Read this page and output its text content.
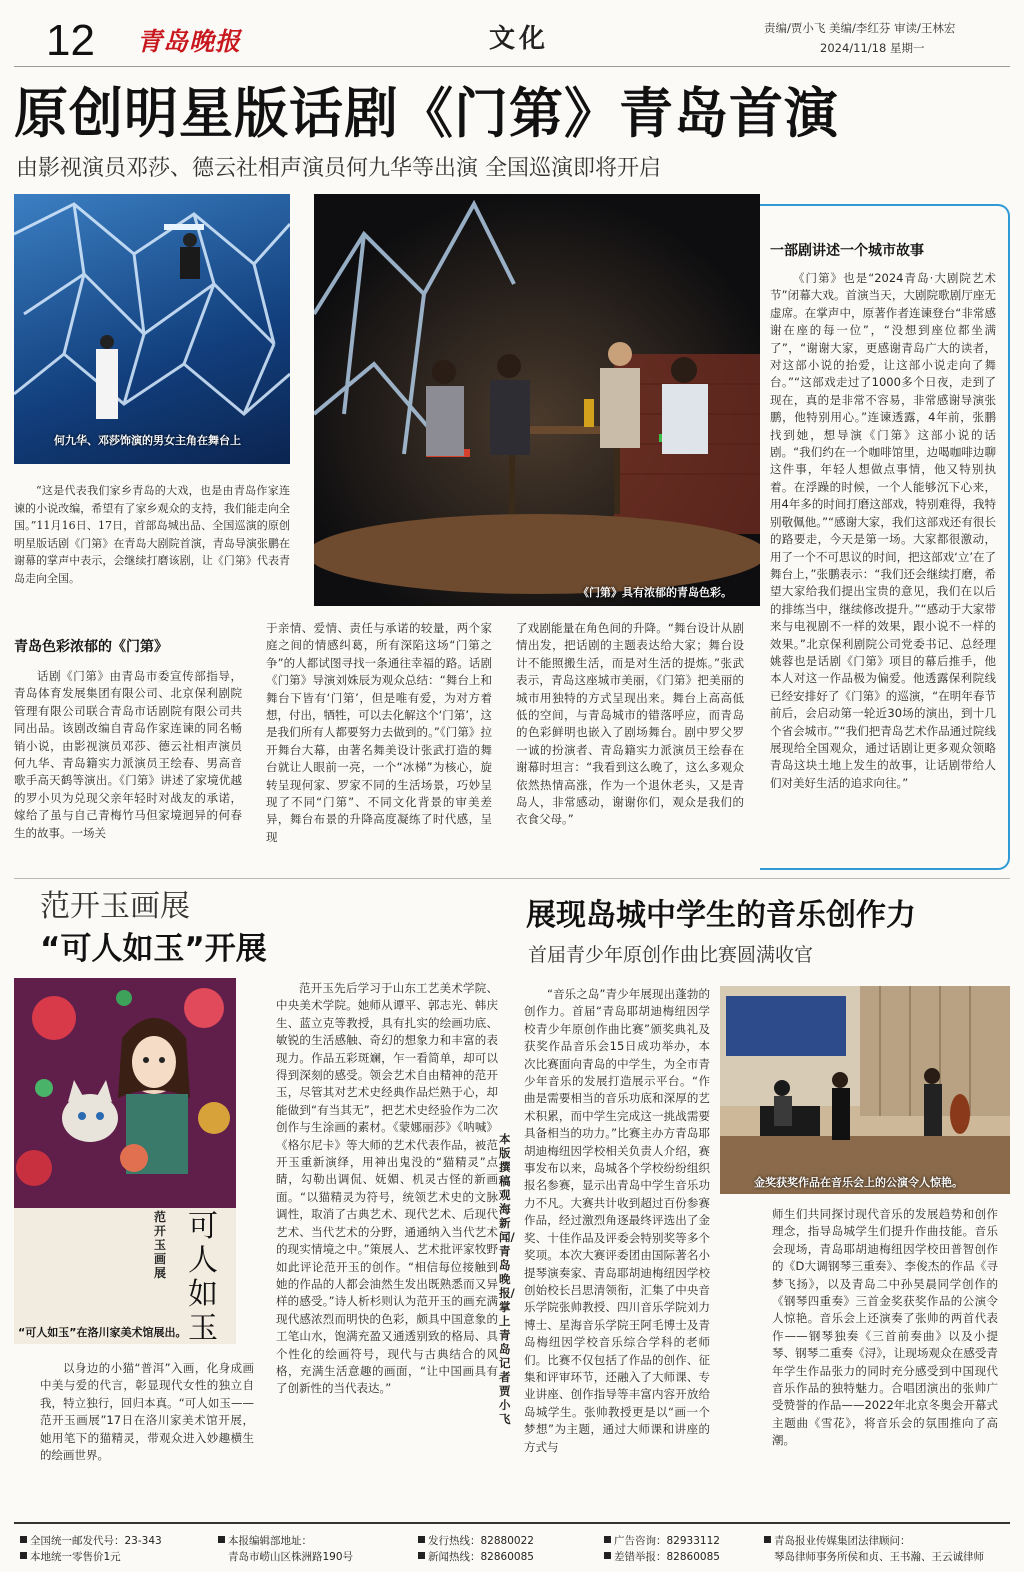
12 青岛晚报	文化	责编/贾小飞 美编/李红芬 审读/王林宏
2024/11/18 星期一
原创明星版话剧《门第》青岛首演
由影视演员邓莎、德云社相声演员何九华等出演 全国巡演即将开启
何九华、邓莎饰演的男女主角在舞台上
《门第》具有浓郁的青岛色彩。

“这是代表我们家乡青岛的大戏，也是由青岛作家连谏的小说改编，希望有了家乡观众的支持，我们能走向全国。”11月16日、17日，首部岛城出品、全国巡演的原创明星版话剧《门第》在青岛大剧院首演，青岛导演张鹏在谢幕的掌声中表示，会继续打磨该剧，让《门第》代表青岛走向全国。

青岛色彩浓郁的《门第》

话剧《门第》由青岛市委宣传部指导，青岛体育发展集团有限公司、北京保利剧院管理有限公司联合青岛市话剧院有限公司共同出品。该剧改编自青岛作家连谏的同名畅销小说，由影视演员邓莎、德云社相声演员何九华、青岛籍实力派演员王绘春、男高音歌手高天鹤等演出。《门第》讲述了家境优越的罗小贝为兑现父亲年轻时对战友的承诺，嫁给了虽与自己青梅竹马但家境迥异的何春生的故事。一场关

于亲情、爱情、责任与承诺的较量，两个家庭之间的情感纠葛，所有深陷这场“门第之争”的人都试图寻找一条通往幸福的路。话剧《门第》导演刘姝辰为观众总结：“舞台上和舞台下皆有‘门第’，但是唯有爱，为对方着想，付出，牺牲，可以去化解这个‘门第’，这是我们所有人都要努力去做到的。”《门第》拉开舞台大幕，由著名舞美设计张武打造的舞台就让人眼前一亮，一个“冰梯”为核心，旋转呈现何家、罗家不同的生活场景，巧妙呈现了不同“门第”、不同文化背景的审美差异，舞台布景的升降高度凝练了时代感，呈现

了戏剧能量在角色间的升降。“舞台设计从剧情出发，把话剧的主题表达给大家；舞台设计不能照搬生活，而是对生活的提炼。”张武表示，青岛这座城市美丽，《门第》把美丽的城市用独特的方式呈现出来。舞台上高高低低的空间，与青岛城市的错落呼应，而青岛的色彩鲜明也嵌入了剧场舞台。剧中罗父罗一诚的扮演者、青岛籍实力派演员王绘春在谢幕时坦言：“我看到这么晚了，这么多观众依然热情高涨，作为一个退休老头，又是青岛人，非常感动，谢谢你们，观众是我们的衣食父母。”

一部剧讲述一个城市故事

《门第》也是“2024青岛·大剧院艺术节”闭幕大戏。首演当天，大剧院歌剧厅座无虚席。在掌声中，原著作者连谏登台“非常感谢在座的每一位”，“没想到座位都坐满了”，“谢谢大家，更感谢青岛广大的读者，对这部小说的抬爱，让这部小说走向了舞台。”“这部戏走过了1000多个日夜，走到了现在，真的是非常不容易，非常感谢导演张鹏，他特别用心。”连谏透露，4年前，张鹏找到她，想导演《门第》这部小说的话剧。“我们约在一个咖啡馆里，边喝咖啡边聊这件事，年轻人想做点事情，他又特别执着。在浮躁的时候，一个人能够沉下心来，用4年多的时间打磨这部戏，特别难得，我特别敬佩他。”“感谢大家，我们这部戏还有很长的路要走，今天是第一场。大家都很激动，用了一个不可思议的时间，把这部戏‘立’在了舞台上，”张鹏表示：“我们还会继续打磨，希望大家给我们提出宝贵的意见，我们在以后的排练当中，继续修改提升。”“感动于大家带来与电视剧不一样的效果，跟小说不一样的效果。”北京保利剧院公司党委书记、总经理姚蓉也是话剧《门第》项目的幕后推手，他本人对这一作品极为偏爱。他透露保利院线已经安排好了《门第》的巡演，“在明年春节前后，会启动第一轮近30场的演出，到十几个省会城市。”“我们把青岛艺术作品通过院线展现给全国观众，通过话剧让更多观众领略青岛这块土地上发生的故事，让话剧带给人们对美好生活的追求向往。”

范开玉画展
“可人如玉”开展
范开玉画展
可人如玉
“可人如玉”在洛川家美术馆展出。

以身边的小猫“普洱”入画，化身成画中美与爱的代言，彰显现代女性的独立自我，特立独行，回归本真。“可人如玉——范开玉画展”17日在洛川家美术馆开展，她用笔下的猫精灵，带观众进入妙趣横生的绘画世界。

范开玉先后学习于山东工艺美术学院、中央美术学院。她师从谭平、郭志光、韩庆生、蓝立克等教授，具有扎实的绘画功底、敏锐的生活感触、奇幻的想象力和丰富的表现力。作品五彩斑斓，乍一看简单，却可以得到深刻的感受。领会艺术自由精神的范开玉，尽管其对艺术史经典作品烂熟于心，却能做到“有当其无”，把艺术史经验作为二次创作与生涂画的素材。《蒙娜丽莎》《呐喊》《格尔尼卡》等大师的艺术代表作品，被范开玉重新演绎，用神出鬼没的“猫精灵”点睛，勾勒出调侃、妩媚、机灵古怪的新画面。“以猫精灵为符号，统领艺术史的文脉调性，取消了古典艺术、现代艺术、后现代艺术、当代艺术的分野，通通纳入当代艺术的现实情境之中。”策展人、艺术批评家牧野如此评论范开玉的创作。“相信每位接触到她的作品的人都会油然生发出既熟悉而又异样的感受。”诗人析杉则认为范开玉的画充满现代感浓烈而明快的色彩，颇具中国意象的工笔山水，饱满充盈又通透别致的格局、具个性化的绘画符号，现代与古典结合的风格，充满生活意趣的画面，“让中国画具有了创新性的当代表达。”

本版撰稿 观海新闻/青岛晚报/掌上青岛 记者 贾小飞
展现岛城中学生的音乐创作力
首届青少年原创作曲比赛圆满收官
金奖获奖作品在音乐会上的公演令人惊艳。

“音乐之岛”青少年展现出蓬勃的创作力。首届“青岛耶胡迪梅纽因学校青少年原创作曲比赛”颁奖典礼及获奖作品音乐会15日成功举办，本次比赛面向青岛的中学生，为全市青少年音乐的发展打造展示平台。“作曲是需要相当的音乐功底和深厚的艺术积累，而中学生完成这一挑战需要具备相当的功力。”比赛主办方青岛耶胡迪梅纽因学校相关负责人介绍，赛事发布以来，岛城各个学校纷纷组织报名参赛，显示出青岛中学生音乐功力不凡。大赛共计收到超过百份参赛作品，经过激烈角逐最终评选出了金奖、十佳作品及评委会特别奖等多个奖项。本次大赛评委团由国际著名小提琴演奏家、青岛耶胡迪梅纽因学校创始校长吕思清领衔，汇集了中央音乐学院张帅教授、四川音乐学院刘力博士、星海音乐学院王阿毛博士及青岛梅纽因学校音乐综合学科的老师们。比赛不仅包括了作品的创作、征集和评审环节，还融入了大师课、专业讲座、创作指导等丰富内容开放给岛城学生。张帅教授更是以“画一个梦想”为主题，通过大师课和讲座的方式与

师生们共同探讨现代音乐的发展趋势和创作理念，指导岛城学生们提升作曲技能。音乐会现场，青岛耶胡迪梅纽因学校田普智创作的《D大调钢琴三重奏》、李俊杰的作品《寻梦飞扬》，以及青岛二中孙昊晨同学创作的《钢琴四重奏》三首金奖获奖作品的公演令人惊艳。音乐会上还演奏了张帅的两首代表作——钢琴独奏《三首前奏曲》以及小提琴、钢琴二重奏《浔》，让现场观众在感受青年学生作品张力的同时充分感受到中国现代音乐作品的独特魅力。合唱团演出的张帅广受赞誉的作品——2022年北京冬奥会开幕式主题曲《雪花》，将音乐会的氛围推向了高潮。

全国统一邮发代号：23-343
本地统一零售价1元
本报编辑部地址：
青岛市崂山区株洲路190号
发行热线：82880022
新闻热线：82860085
广告咨询：82933112
差错举报：82860085
青岛报业传媒集团法律顾问：
琴岛律师事务所侯和贞、王书瀚、王云诚律师
